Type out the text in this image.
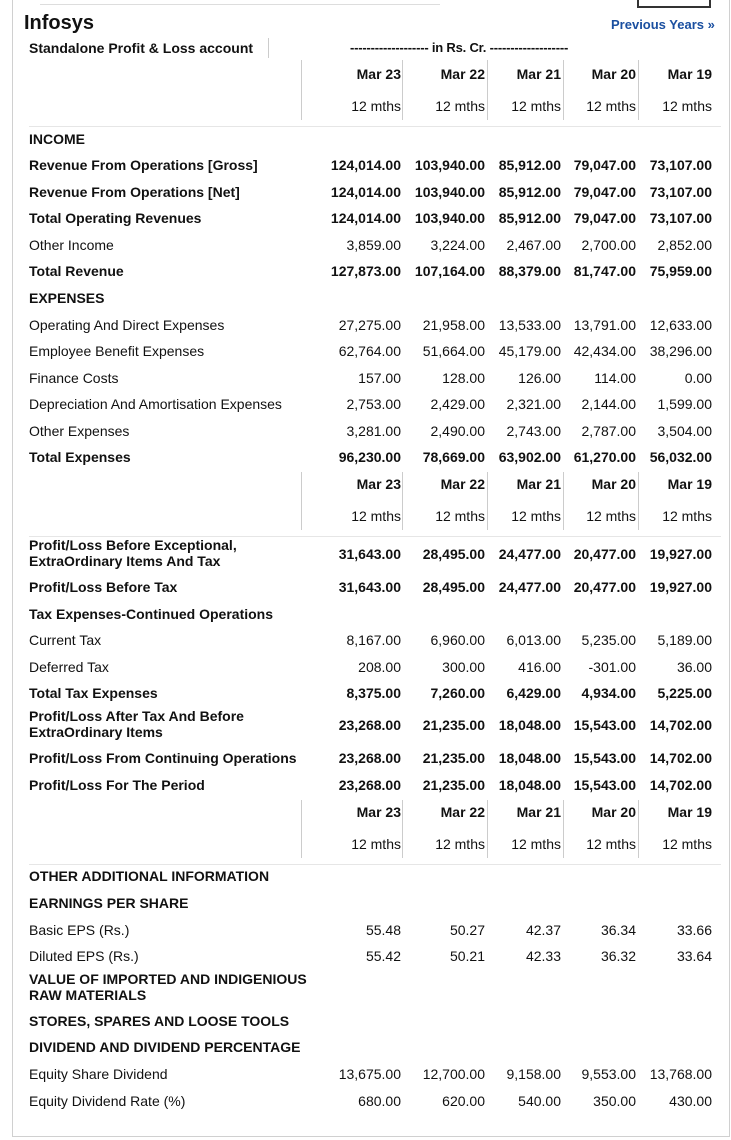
Infosys	Previous Years »
Standalone Profit & Loss account	------------------- in Rs. Cr. -------------------
Mar 23	Mar 22 Mar 21 Mar 20 Mar 19
12 mths 12 mths 12 mths 12 mths 12 mths
Mar 23	Mar 22 Mar 21 Mar 20 Mar 19
12 mths 12 mths 12 mths 12 mths 12 mths
Mar 23	Mar 22 Mar 21 Mar 20 Mar 19
12 mths 12 mths 12 mths 12 mths 12 mths
INCOME
Revenue From Operations [Gross]	124,014.00 103,940.00 85,912.00 79,047.00 73,107.00
Revenue From Operations [Net]	124,014.00 103,940.00 85,912.00 79,047.00 73,107.00
Total Operating Revenues	124,014.00 103,940.00 85,912.00 79,047.00 73,107.00
Other Income	3,859.00 3,224.00 2,467.00 2,700.00 2,852.00
Total Revenue	127,873.00 107,164.00 88,379.00 81,747.00 75,959.00
EXPENSES
Operating And Direct Expenses	27,275.00 21,958.00 13,533.00 13,791.00 12,633.00
Employee Benefit Expenses	62,764.00 51,664.00 45,179.00 42,434.00 38,296.00
Finance Costs	157.00	128.00 126.00 114.00	0.00
Depreciation And Amortisation Expenses	2,753.00 2,429.00 2,321.00 2,144.00 1,599.00
Other Expenses	3,281.00 2,490.00 2,743.00 2,787.00 3,504.00
Total Expenses	96,230.00 78,669.00 63,902.00 61,270.00 56,032.00
Profit/Loss Before Exceptional, ExtraOrdinary Items And Tax	31,643.00 28,495.00 24,477.00 20,477.00 19,927.00
Profit/Loss Before Tax	31,643.00 28,495.00 24,477.00 20,477.00 19,927.00
Tax Expenses-Continued Operations
Current Tax	8,167.00 6,960.00 6,013.00 5,235.00 5,189.00
Deferred Tax	208.00	300.00 416.00 -301.00	36.00
Total Tax Expenses	8,375.00 7,260.00 6,429.00 4,934.00 5,225.00
Profit/Loss After Tax And Before ExtraOrdinary Items	23,268.00 21,235.00 18,048.00 15,543.00 14,702.00
Profit/Loss From Continuing Operations	23,268.00 21,235.00 18,048.00 15,543.00 14,702.00
Profit/Loss For The Period	23,268.00 21,235.00 18,048.00 15,543.00 14,702.00
OTHER ADDITIONAL INFORMATION
EARNINGS PER SHARE
Basic EPS (Rs.)	55.48	50.27	42.37	36.34	33.66
Diluted EPS (Rs.)	55.42	50.21	42.33	36.32	33.64
VALUE OF IMPORTED AND INDIGENIOUS RAW MATERIALS
STORES, SPARES AND LOOSE TOOLS
DIVIDEND AND DIVIDEND PERCENTAGE
Equity Share Dividend	13,675.00 12,700.00 9,158.00 9,553.00 13,768.00
Equity Dividend Rate (%)	680.00	620.00 540.00 350.00 430.00
